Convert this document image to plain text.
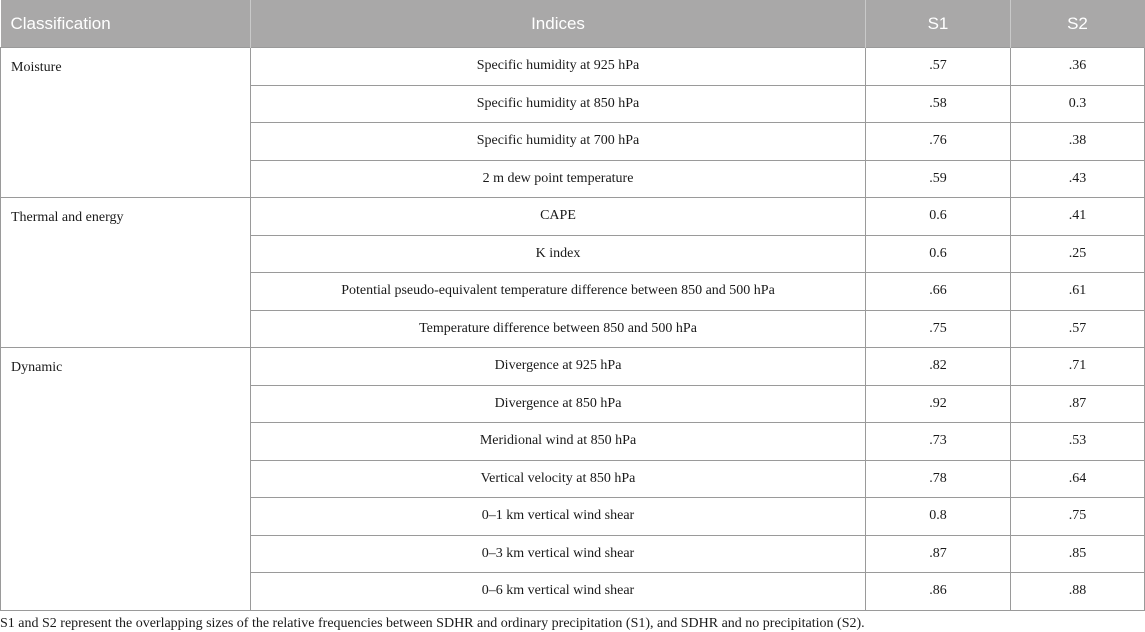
Classification	Indices	S1	S2
Moisture	Specific humidity at 925 hPa	.57	.36
	Specific humidity at 850 hPa	.58	0.3
	Specific humidity at 700 hPa	.76	.38
	2 m dew point temperature	.59	.43
Thermal and energy	CAPE	0.6	.41
	K index	0.6	.25
	Potential pseudo-equivalent temperature difference between 850 and 500 hPa	.66	.61
	Temperature difference between 850 and 500 hPa	.75	.57
Dynamic	Divergence at 925 hPa	.82	.71
	Divergence at 850 hPa	.92	.87
	Meridional wind at 850 hPa	.73	.53
	Vertical velocity at 850 hPa	.78	.64
	0–1 km vertical wind shear	0.8	.75
	0–3 km vertical wind shear	.87	.85
	0–6 km vertical wind shear	.86	.88
S1 and S2 represent the overlapping sizes of the relative frequencies between SDHR and ordinary precipitation (S1), and SDHR and no precipitation (S2).
